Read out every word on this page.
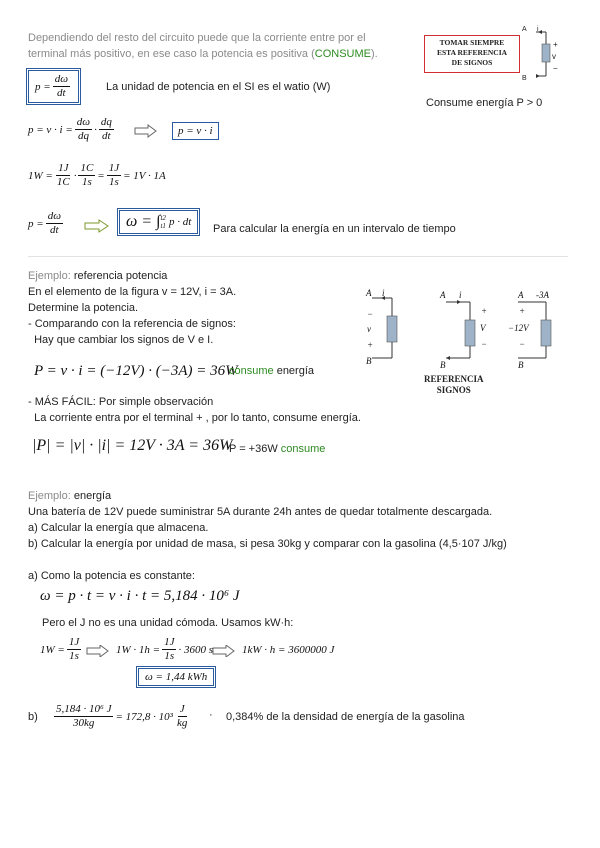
Dependiendo del resto del circuito puede que la corriente entre por el
terminal más positivo, en ese caso la potencia es positiva (CONSUME).
TOMAR SIEMPRE
ESTA REFERENCIA
DE SIGNOS
A i
B
+
v
−
$p = \frac{d\omega}{dt}$	La unidad de potencia en el SI es el watio (W)
Consume energía P > 0
$p = v \cdot i = \frac{d\omega}{dq} \cdot \frac{dq}{dt}$	p = v · i
$1W = \frac{1J}{1C} \cdot \frac{1C}{1s} = \frac{1J}{1s} = 1V \cdot 1A$
$p = \frac{d\omega}{dt}$	ω = ∫ t2
t1 p · dt
Para calcular la energía en un intervalo de tiempo
Ejemplo: referencia potencia
En el elemento de la figura v = 12V, i = 3A.
Determine la potencia.
- Comparando con la referencia de signos:
Hay que cambiar los signos de V e I.
A i
−
v
+
B
A i
+
V
−
B
A -3A
+
−12V
−
B
REFERENCIA
SIGNOS
P = v · i = (−12V) · (−3A) = 36W
consume energía
- MÁS FÁCIL: Por simple observación
La corriente entra por el terminal + , por lo tanto, consume energía.
|P| = |v| · |i| = 12V · 3A = 36W
P = +36W consume
Ejemplo: energía
Una batería de 12V puede suministrar 5A durante 24h antes de quedar totalmente descargada.
a) Calcular la energía que almacena.
b) Calcular la energía por unidad de masa, si pesa 30kg y comparar con la gasolina (4,5·107 J/kg)
a) Como la potencia es constante:
ω = p · t = v · i · t = 5,184 · 10⁶ J
Pero el J no es una unidad cómoda. Usamos kW·h:
$1W = \frac{1J}{1s}$	$1W \cdot 1h = \frac{1J}{1s} \cdot 3600$ s	1kW · h = 3600000 J
ω = 1,44 kWh
$b) \frac{\text{5,184 · 10⁶ J}}{30kg} = 172,8 \cdot 10^3 \frac{J}{kg} \cdot 0,384\%$ de la densidad de energía de la gasolina
